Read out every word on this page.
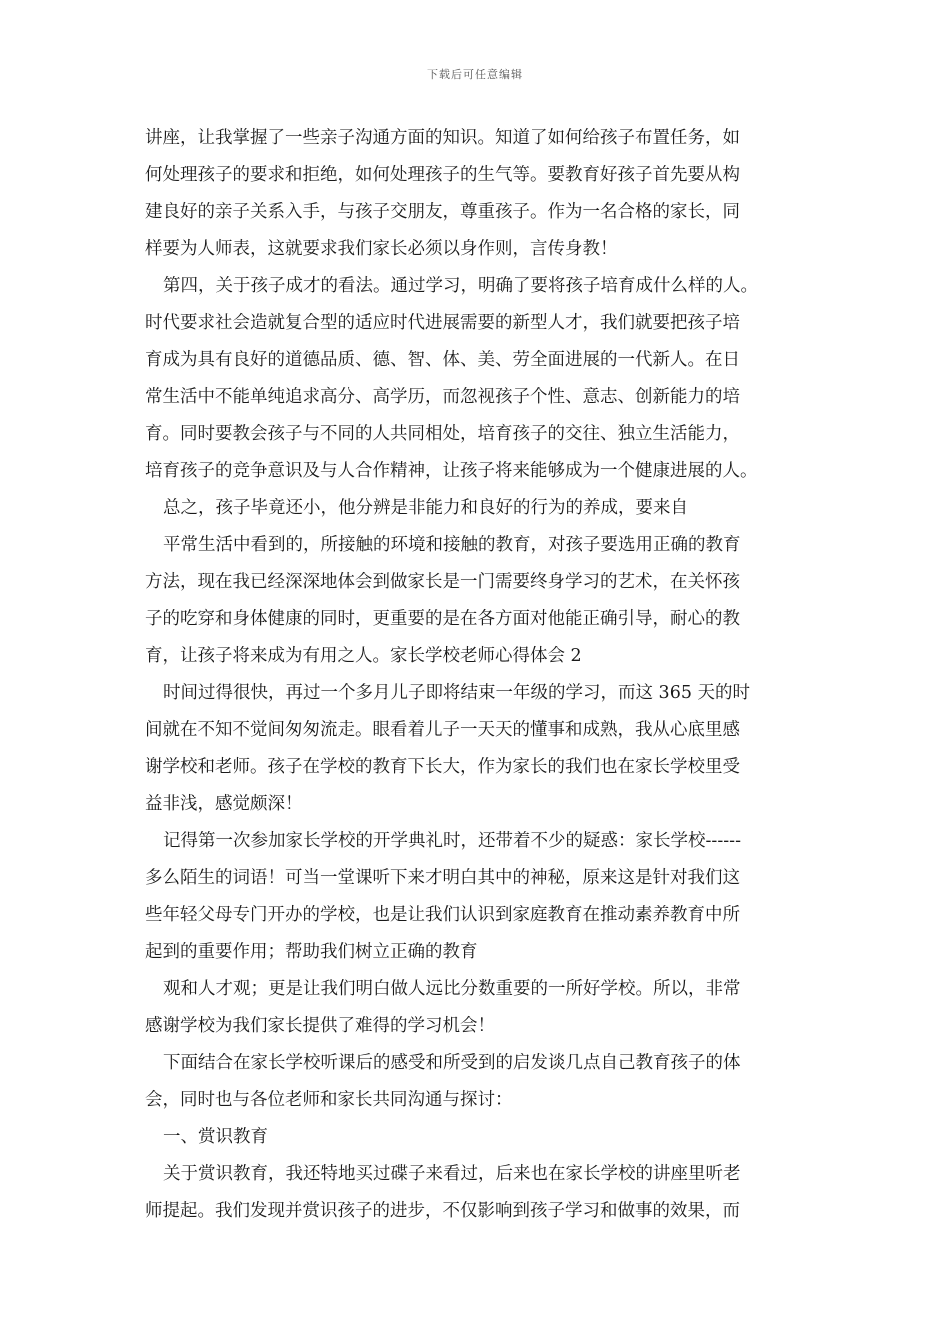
下载后可任意编辑
讲座，让我掌握了一些亲子沟通方面的知识。知道了如何给孩子布置任务，如
何处理孩子的要求和拒绝，如何处理孩子的生气等。要教育好孩子首先要从构
建良好的亲子关系入手，与孩子交朋友，尊重孩子。作为一名合格的家长，同
样要为人师表，这就要求我们家长必须以身作则，言传身教！
第四，关于孩子成才的看法。通过学习，明确了要将孩子培育成什么样的人。
时代要求社会造就复合型的适应时代进展需要的新型人才，我们就要把孩子培
育成为具有良好的道德品质、德、智、体、美、劳全面进展的一代新人。在日
常生活中不能单纯追求高分、高学历，而忽视孩子个性、意志、创新能力的培
育。同时要教会孩子与不同的人共同相处，培育孩子的交往、独立生活能力，
培育孩子的竞争意识及与人合作精神，让孩子将来能够成为一个健康进展的人。
总之，孩子毕竟还小，他分辨是非能力和良好的行为的养成，要来自
平常生活中看到的，所接触的环境和接触的教育，对孩子要选用正确的教育
方法，现在我已经深深地体会到做家长是一门需要终身学习的艺术，在关怀孩
子的吃穿和身体健康的同时，更重要的是在各方面对他能正确引导，耐心的教
育，让孩子将来成为有用之人。家长学校老师心得体会 2
时间过得很快，再过一个多月儿子即将结束一年级的学习，而这 365 天的时
间就在不知不觉间匆匆流走。眼看着儿子一天天的懂事和成熟，我从心底里感
谢学校和老师。孩子在学校的教育下长大，作为家长的我们也在家长学校里受
益非浅，感觉颇深！
记得第一次参加家长学校的开学典礼时，还带着不少的疑惑：家长学校------
多么陌生的词语！可当一堂课听下来才明白其中的神秘，原来这是针对我们这
些年轻父母专门开办的学校，也是让我们认识到家庭教育在推动素养教育中所
起到的重要作用；帮助我们树立正确的教育
观和人才观；更是让我们明白做人远比分数重要的一所好学校。所以，非常
感谢学校为我们家长提供了难得的学习机会！
下面结合在家长学校听课后的感受和所受到的启发谈几点自己教育孩子的体
会，同时也与各位老师和家长共同沟通与探讨：
一、赏识教育
关于赏识教育，我还特地买过碟子来看过，后来也在家长学校的讲座里听老
师提起。我们发现并赏识孩子的进步，不仅影响到孩子学习和做事的效果，而
